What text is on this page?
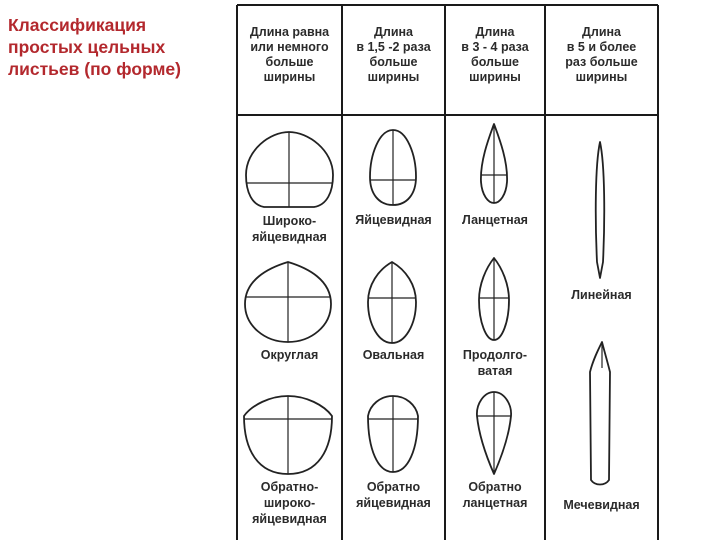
Классификация
простых цельных
листьев (по форме)
Длина равна
или немного
больше
ширины
Длина
в 1,5 -2 раза
больше
ширины
Длина
в 3 - 4 раза
больше
ширины
Длина
в 5 и более
раз больше
ширины
Широко-
яйцевидная
Округлая
Обратно-
широко-
яйцевидная
Яйцевидная
Овальная
Обратно
яйцевидная
Ланцетная
Продолго-
ватая
Обратно
ланцетная
Линейная
Мечевидная
